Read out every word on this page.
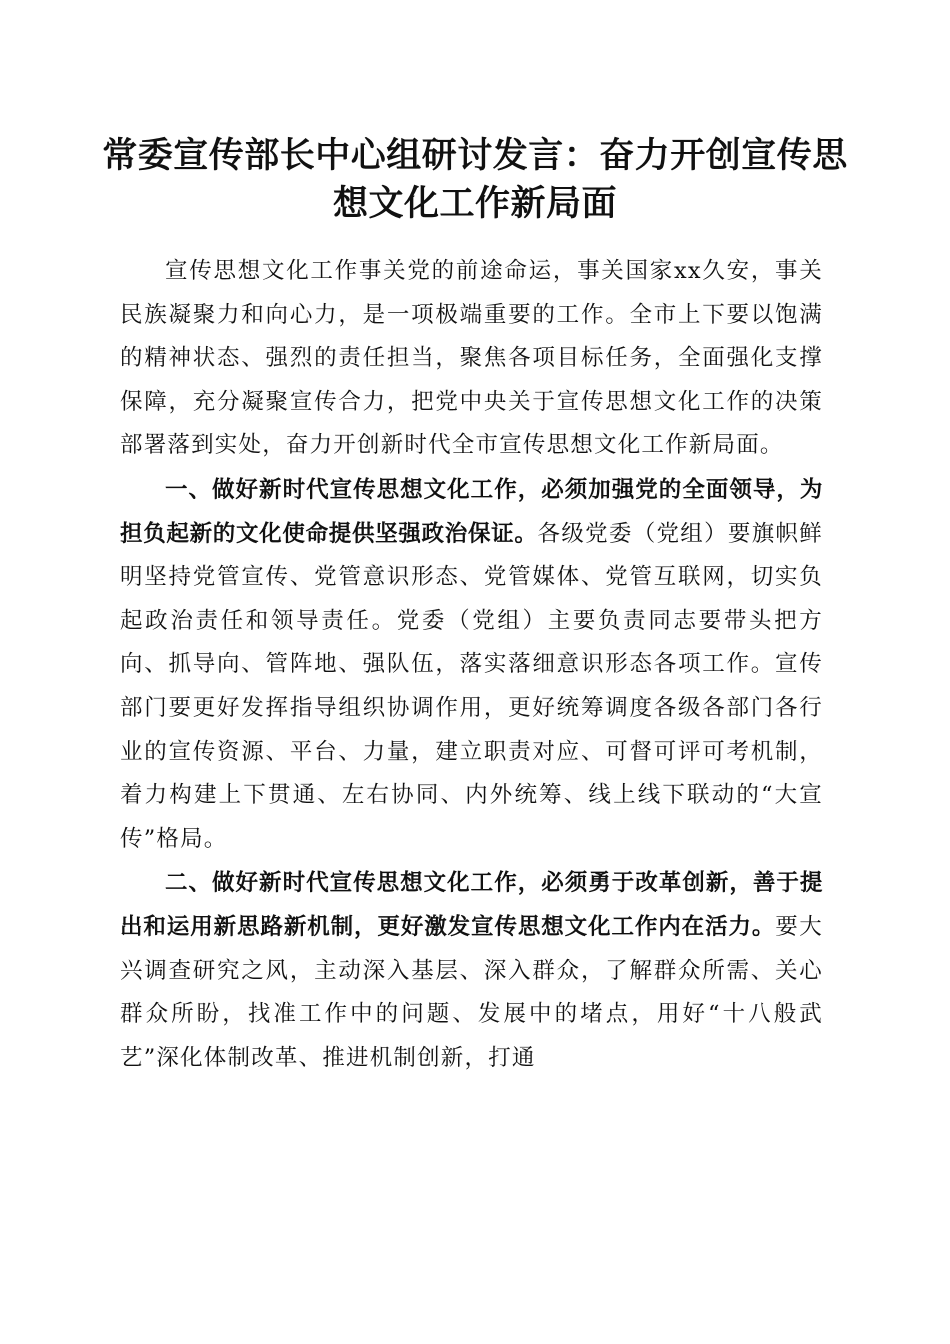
常委宣传部长中心组研讨发言：奋力开创宣传思想文化工作新局面

宣传思想文化工作事关党的前途命运，事关国家xx久安，事关民族凝聚力和向心力，是一项极端重要的工作。全市上下要以饱满的精神状态、强烈的责任担当，聚焦各项目标任务，全面强化支撑保障，充分凝聚宣传合力，把党中央关于宣传思想文化工作的决策部署落到实处，奋力开创新时代全市宣传思想文化工作新局面。

一、做好新时代宣传思想文化工作，必须加强党的全面领导，为担负起新的文化使命提供坚强政治保证。各级党委（党组）要旗帜鲜明坚持党管宣传、党管意识形态、党管媒体、党管互联网，切实负起政治责任和领导责任。党委（党组）主要负责同志要带头把方向、抓导向、管阵地、强队伍，落实落细意识形态各项工作。宣传部门要更好发挥指导组织协调作用，更好统筹调度各级各部门各行业的宣传资源、平台、力量，建立职责对应、可督可评可考机制，着力构建上下贯通、左右协同、内外统筹、线上线下联动的“大宣传”格局。

二、做好新时代宣传思想文化工作，必须勇于改革创新，善于提出和运用新思路新机制，更好激发宣传思想文化工作内在活力。要大兴调查研究之风，主动深入基层、深入群众，了解群众所需、关心群众所盼，找准工作中的问题、发展中的堵点，用好“十八般武艺”深化体制改革、推进机制创新，打通
